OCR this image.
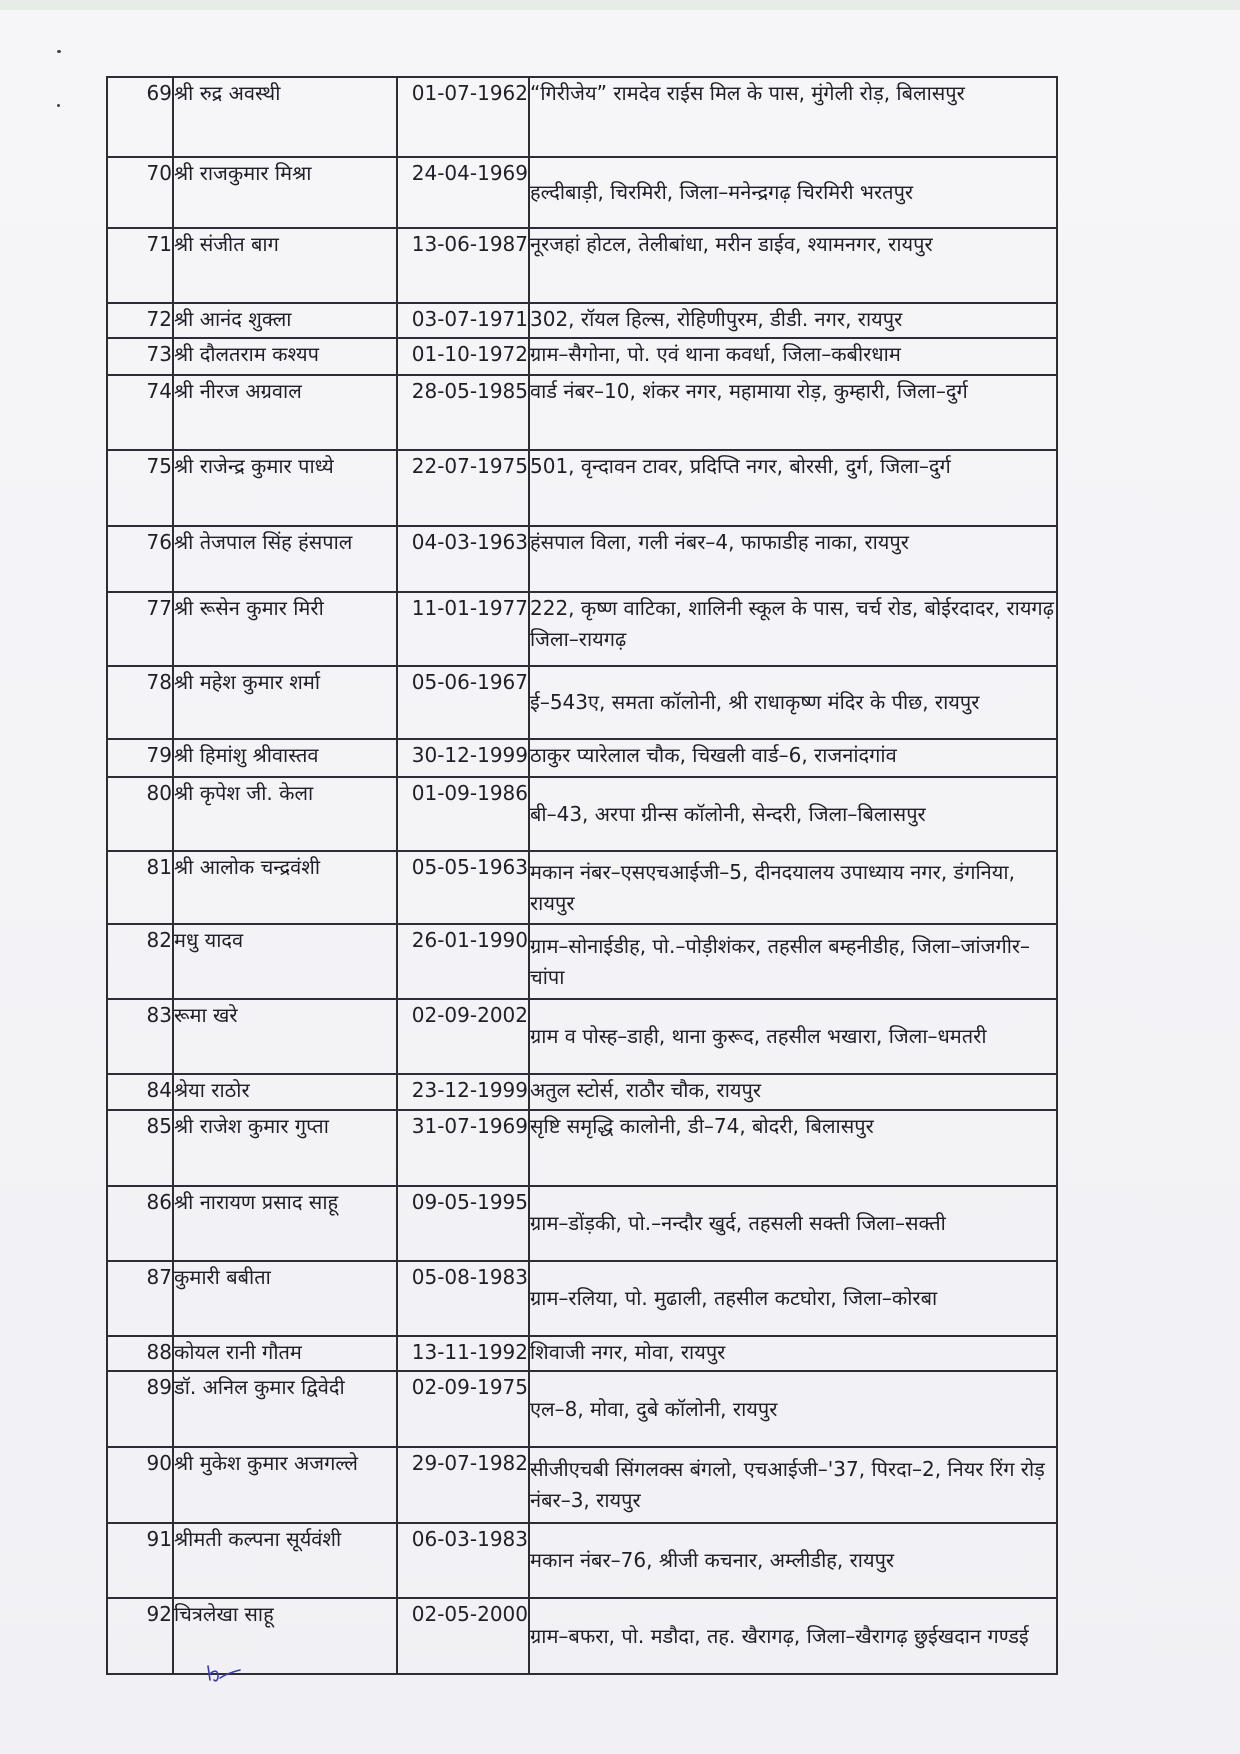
69	श्री रुद्र अवस्थी	01-07-1962	“गिरीजेय” रामदेव राईस मिल के पास, मुंगेली रोड़, बिलासपुर
70	श्री राजकुमार मिश्रा	24-04-1969	हल्दीबाड़ी, चिरमिरी, जिला–मनेन्द्रगढ़ चिरमिरी भरतपुर
71	श्री संजीत बाग	13-06-1987	नूरजहां होटल, तेलीबांधा, मरीन डाईव, श्यामनगर, रायपुर
72	श्री आनंद शुक्ला	03-07-1971	302, रॉयल हिल्स, रोहिणीपुरम, डीडी. नगर, रायपुर
73	श्री दौलतराम कश्यप	01-10-1972	ग्राम–सैगोना, पो. एवं थाना कवर्धा, जिला–कबीरधाम
74	श्री नीरज अग्रवाल	28-05-1985	वार्ड नंबर–10, शंकर नगर, महामाया रोड़, कुम्हारी, जिला–दुर्ग
75	श्री राजेन्द्र कुमार पाध्ये	22-07-1975	501, वृन्दावन टावर, प्रदिप्ति नगर, बोरसी, दुर्ग, जिला–दुर्ग
76	श्री तेजपाल सिंह हंसपाल	04-03-1963	हंसपाल विला, गली नंबर–4, फाफाडीह नाका, रायपुर
77	श्री रूसेन कुमार मिरी	11-01-1977	222, कृष्ण वाटिका, शालिनी स्कूल के पास, चर्च रोड, बोईरदादर, रायगढ़ जिला–रायगढ़
78	श्री महेश कुमार शर्मा	05-06-1967	ई–543ए, समता कॉलोनी, श्री राधाकृष्ण मंदिर के पीछ, रायपुर
79	श्री हिमांशु श्रीवास्तव	30-12-1999	ठाकुर प्यारेलाल चौक, चिखली वार्ड–6, राजनांदगांव
80	श्री कृपेश जी. केला	01-09-1986	बी–43, अरपा ग्रीन्स कॉलोनी, सेन्दरी, जिला–बिलासपुर
81	श्री आलोक चन्द्रवंशी	05-05-1963	मकान नंबर–एसएचआईजी–5, दीनदयालय उपाध्याय नगर, डंगनिया, रायपुर
82	मधु यादव	26-01-1990	ग्राम–सोनाईडीह, पो.–पोड़ीशंकर, तहसील बम्हनीडीह, जिला–जांजगीर–चांपा
83	रूमा खरे	02-09-2002	ग्राम व पोस्ह–डाही, थाना कुरूद, तहसील भखारा, जिला–धमतरी
84	श्रेया राठोर	23-12-1999	अतुल स्टोर्स, राठौर चौक, रायपुर
85	श्री राजेश कुमार गुप्ता	31-07-1969	सृष्टि समृद्धि कालोनी, डी–74, बोदरी, बिलासपुर
86	श्री नारायण प्रसाद साहू	09-05-1995	ग्राम–डोंड़की, पो.–नन्दौर खुर्द, तहसली सक्ती जिला–सक्ती
87	कुमारी बबीता	05-08-1983	ग्राम–रलिया, पो. मुढाली, तहसील कटघोरा, जिला–कोरबा
88	कोयल रानी गौतम	13-11-1992	शिवाजी नगर, मोवा, रायपुर
89	डॉ. अनिल कुमार द्विवेदी	02-09-1975	एल–8, मोवा, दुबे कॉलोनी, रायपुर
90	श्री मुकेश कुमार अजगल्ले	29-07-1982	सीजीएचबी सिंगलक्स बंगलो, एचआईजी–'37, पिरदा–2, नियर रिंग रोड़ नंबर–3, रायपुर
91	श्रीमती कल्पना सूर्यवंशी	06-03-1983	मकान नंबर–76, श्रीजी कचनार, अम्लीडीह, रायपुर
92	चित्रलेखा साहू	02-05-2000	ग्राम–बफरा, पो. मडौदा, तह. खैरागढ़, जिला–खैरागढ़ छुईखदान गण्डई
